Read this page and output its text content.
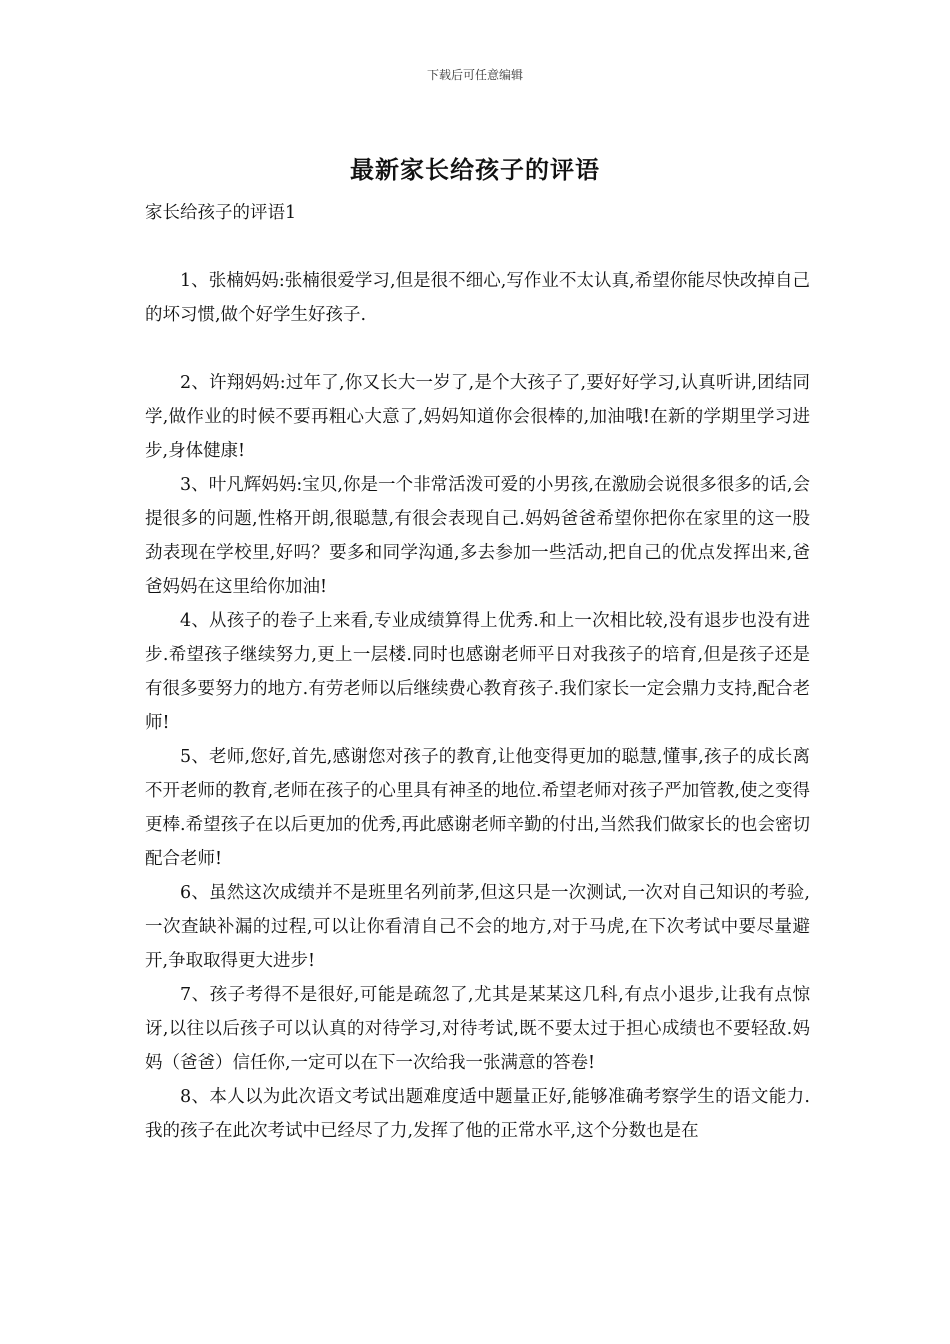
下载后可任意编辑
最新家长给孩子的评语

家长给孩子的评语1

1、张楠妈妈:张楠很爱学习,但是很不细心,写作业不太认真,希望你能尽快改掉自己的坏习惯,做个好学生好孩子.

2、许翔妈妈:过年了,你又长大一岁了,是个大孩子了,要好好学习,认真听讲,团结同学,做作业的时候不要再粗心大意了,妈妈知道你会很棒的,加油哦!在新的学期里学习进步,身体健康!

3、叶凡辉妈妈:宝贝,你是一个非常活泼可爱的小男孩,在激励会说很多很多的话,会提很多的问题,性格开朗,很聪慧,有很会表现自己.妈妈爸爸希望你把你在家里的这一股劲表现在学校里,好吗？要多和同学沟通,多去参加一些活动,把自己的优点发挥出来,爸爸妈妈在这里给你加油!

4、从孩子的卷子上来看,专业成绩算得上优秀.和上一次相比较,没有退步也没有进步.希望孩子继续努力,更上一层楼.同时也感谢老师平日对我孩子的培育,但是孩子还是有很多要努力的地方.有劳老师以后继续费心教育孩子.我们家长一定会鼎力支持,配合老师!

5、老师,您好,首先,感谢您对孩子的教育,让他变得更加的聪慧,懂事,孩子的成长离不开老师的教育,老师在孩子的心里具有神圣的地位.希望老师对孩子严加管教,使之变得更棒.希望孩子在以后更加的优秀,再此感谢老师辛勤的付出,当然我们做家长的也会密切配合老师!

6、虽然这次成绩并不是班里名列前茅,但这只是一次测试,一次对自己知识的考验,一次查缺补漏的过程,可以让你看清自己不会的地方,对于马虎,在下次考试中要尽量避开,争取取得更大进步!

7、孩子考得不是很好,可能是疏忽了,尤其是某某这几科,有点小退步,让我有点惊讶,以往以后孩子可以认真的对待学习,对待考试,既不要太过于担心成绩也不要轻敌.妈妈（爸爸）信任你,一定可以在下一次给我一张满意的答卷!

8、本人以为此次语文考试出题难度适中题量正好,能够准确考察学生的语文能力.我的孩子在此次考试中已经尽了力,发挥了他的正常水平,这个分数也是在
